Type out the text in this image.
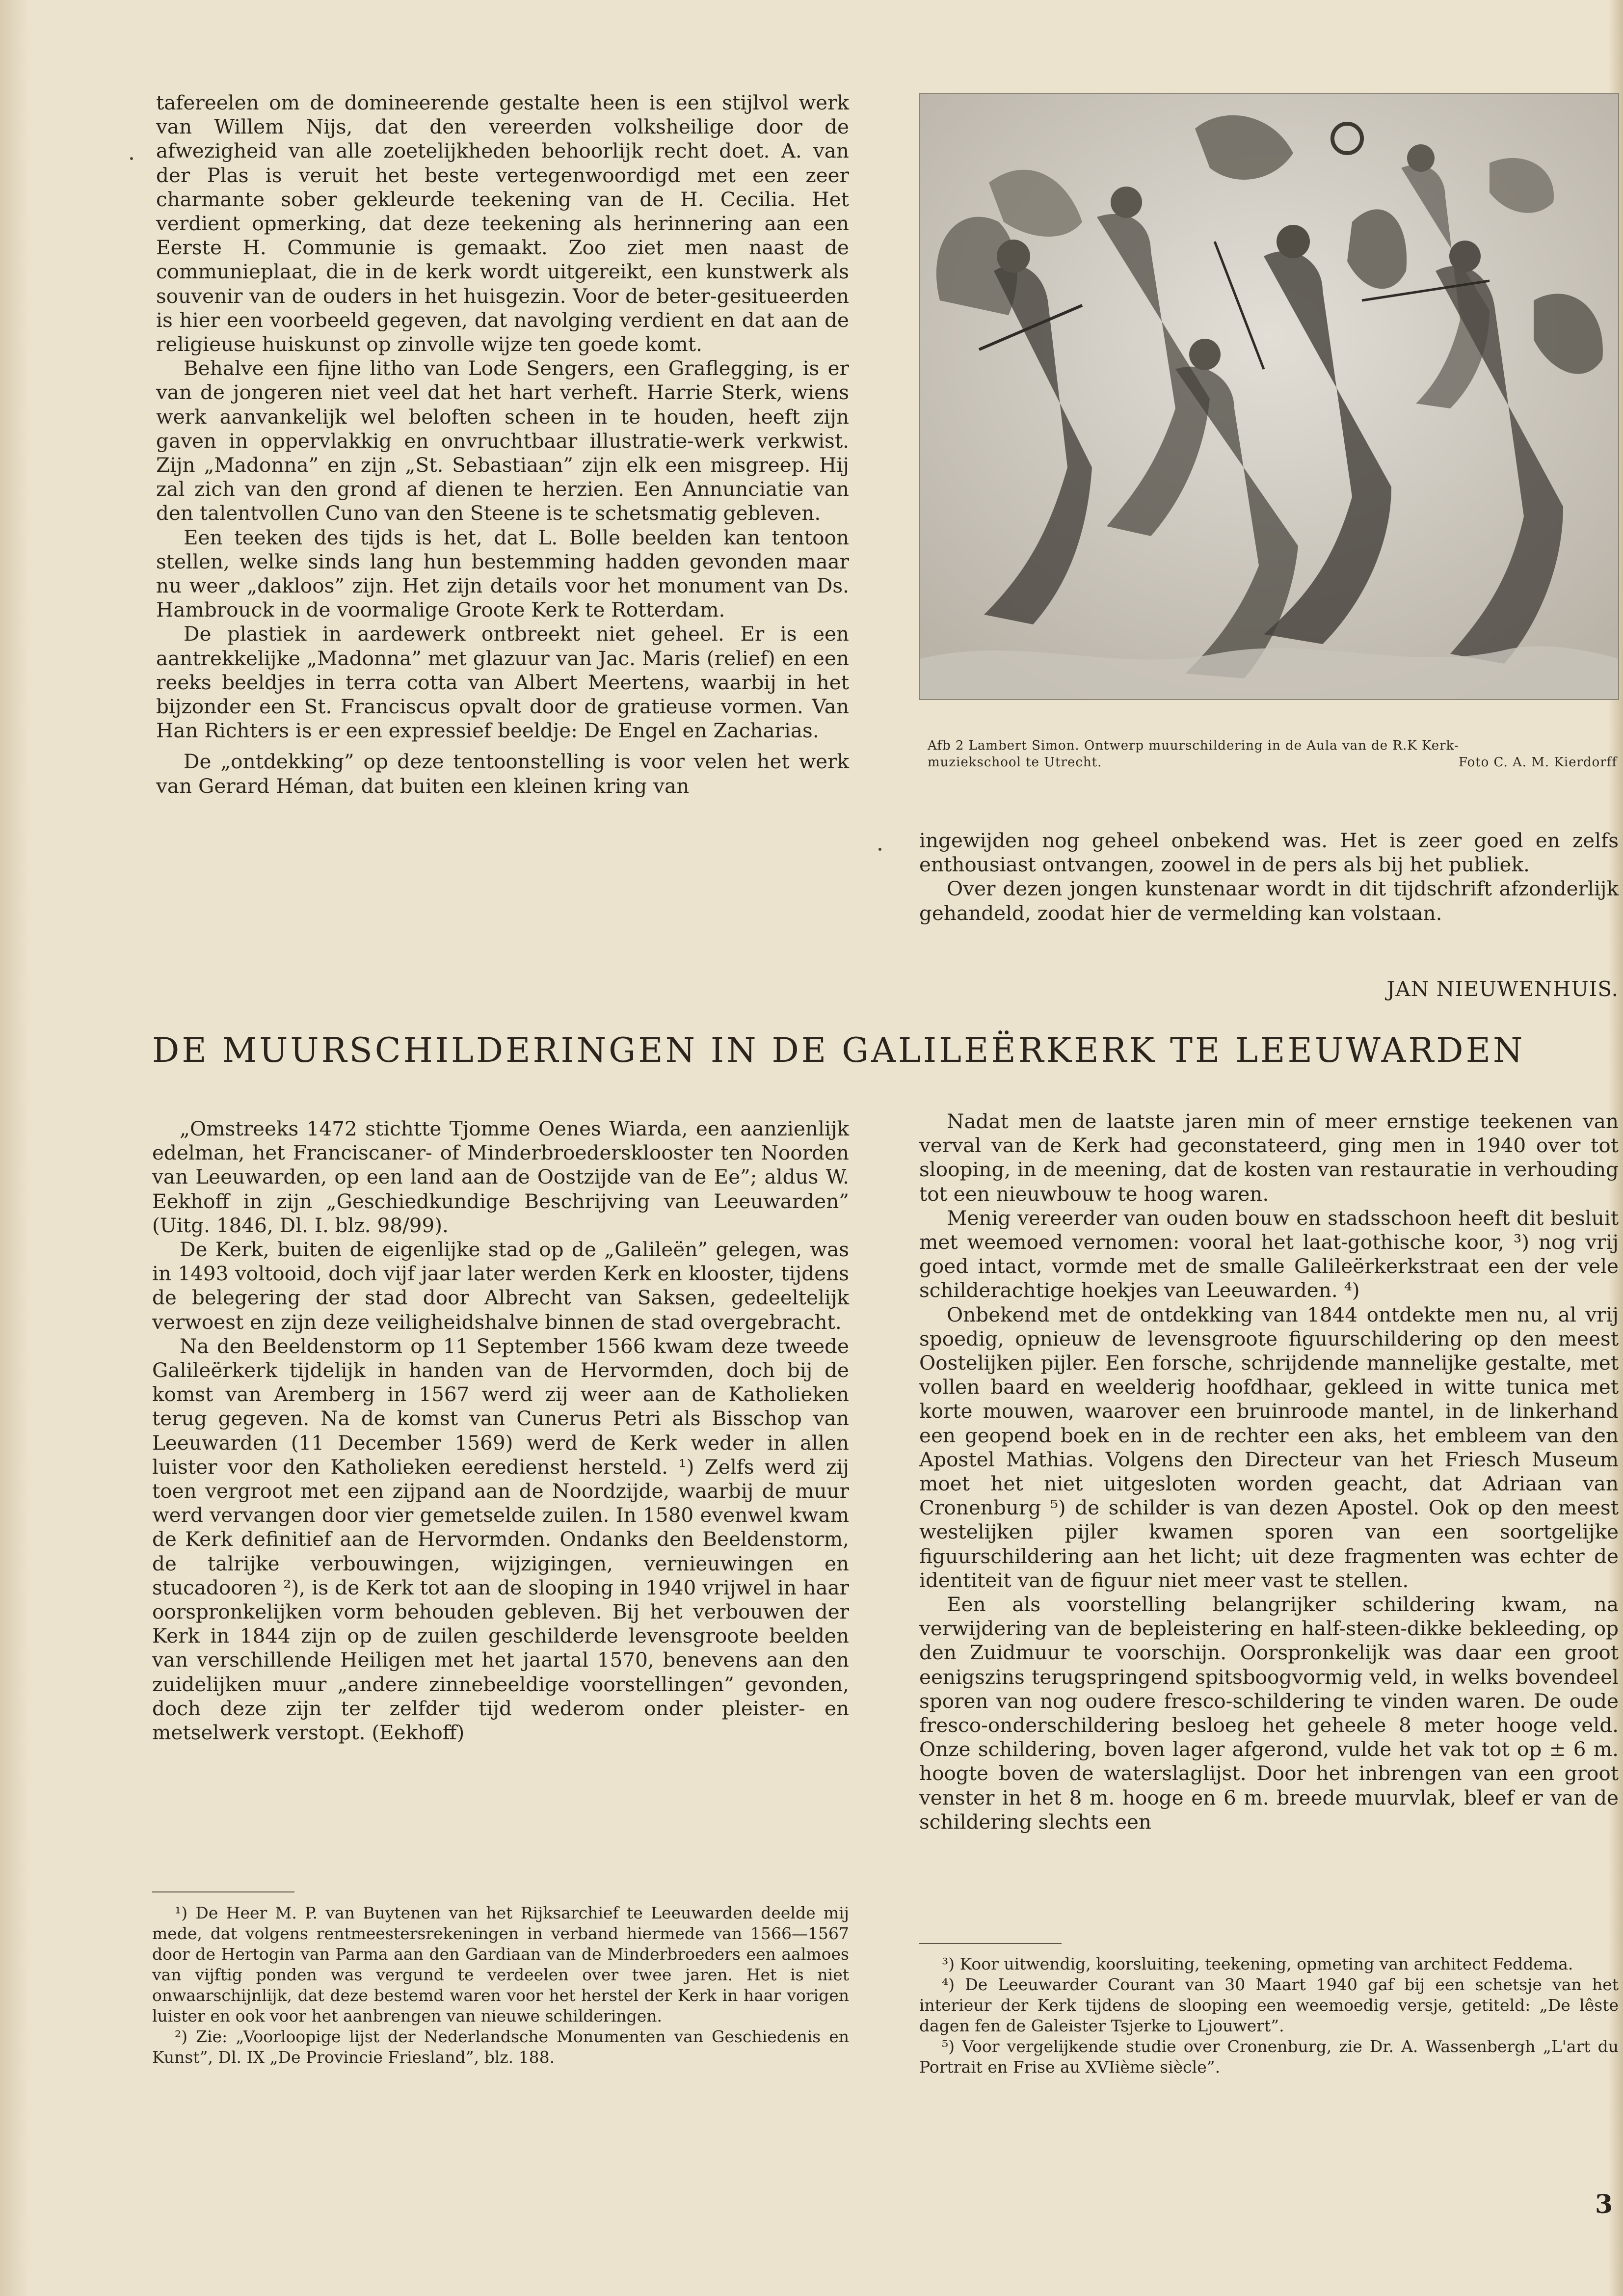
tafereelen om de domineerende gestalte heen is een stijlvol werk van Willem Nijs, dat den vereerden volksheilige door de afwezigheid van alle zoetelijkheden behoorlijk recht doet. A. van der Plas is veruit het beste vertegenwoordigd met een zeer charmante sober gekleurde teekening van de H. Cecilia. Het verdient opmerking, dat deze teekening als herinnering aan een Eerste H. Communie is gemaakt. Zoo ziet men naast de communieplaat, die in de kerk wordt uitgereikt, een kunstwerk als souvenir van de ouders in het huisgezin. Voor de beter-gesitueerden is hier een voorbeeld gegeven, dat navolging verdient en dat aan de religieuse huiskunst op zinvolle wijze ten goede komt.

Behalve een fijne litho van Lode Sengers, een Graflegging, is er van de jongeren niet veel dat het hart verheft. Harrie Sterk, wiens werk aanvankelijk wel beloften scheen in te houden, heeft zijn gaven in oppervlakkig en onvruchtbaar illustratie-werk verkwist. Zijn „Madonna” en zijn „St. Sebastiaan” zijn elk een misgreep. Hij zal zich van den grond af dienen te herzien. Een Annunciatie van den talentvollen Cuno van den Steene is te schetsmatig gebleven.

Een teeken des tijds is het, dat L. Bolle beelden kan tentoon stellen, welke sinds lang hun bestemming hadden gevonden maar nu weer „dakloos” zijn. Het zijn details voor het monument van Ds. Hambrouck in de voormalige Groote Kerk te Rotterdam.

De plastiek in aardewerk ontbreekt niet geheel. Er is een aantrekkelijke „Madonna” met glazuur van Jac. Maris (relief) en een reeks beeldjes in terra cotta van Albert Meertens, waarbij in het bijzonder een St. Franciscus opvalt door de gratieuse vormen. Van Han Richters is er een expressief beeldje: De Engel en Zacharias.

De „ontdekking” op deze tentoonstelling is voor velen het werk van Gerard Héman, dat buiten een kleinen kring van

Afb 2 Lambert Simon. Ontwerp muurschildering in de Aula van de R.K Kerk-
muziekschool te Utrecht.	Foto C. A. M. Kierdorff

ingewijden nog geheel onbekend was. Het is zeer goed en zelfs enthousiast ontvangen, zoowel in de pers als bij het publiek.

Over dezen jongen kunstenaar wordt in dit tijdschrift afzonderlijk gehandeld, zoodat hier de vermelding kan volstaan.

JAN NIEUWENHUIS.
DE MUURSCHILDERINGEN IN DE GALILEËRKERK TE LEEUWARDEN

„Omstreeks 1472 stichtte Tjomme Oenes Wiarda, een aanzienlijk edelman, het Franciscaner- of Minderbroedersklooster ten Noorden van Leeuwarden, op een land aan de Oostzijde van de Ee”; aldus W. Eekhoff in zijn „Geschiedkundige Beschrijving van Leeuwarden” (Uitg. 1846, Dl. I. blz. 98/99).

De Kerk, buiten de eigenlijke stad op de „Galileën” gelegen, was in 1493 voltooid, doch vijf jaar later werden Kerk en klooster, tijdens de belegering der stad door Albrecht van Saksen, gedeeltelijk verwoest en zijn deze veiligheidshalve binnen de stad overgebracht.

Na den Beeldenstorm op 11 September 1566 kwam deze tweede Galileërkerk tijdelijk in handen van de Hervormden, doch bij de komst van Aremberg in 1567 werd zij weer aan de Katholieken terug gegeven. Na de komst van Cunerus Petri als Bisschop van Leeuwarden (11 December 1569) werd de Kerk weder in allen luister voor den Katholieken eeredienst hersteld. ¹) Zelfs werd zij toen vergroot met een zijpand aan de Noordzijde, waarbij de muur werd vervangen door vier gemetselde zuilen. In 1580 evenwel kwam de Kerk definitief aan de Hervormden. Ondanks den Beeldenstorm, de talrijke verbouwingen, wijzigingen, vernieuwingen en stucadooren ²), is de Kerk tot aan de slooping in 1940 vrijwel in haar oorspronkelijken vorm behouden gebleven. Bij het verbouwen der Kerk in 1844 zijn op de zuilen geschilderde levensgroote beelden van verschillende Heiligen met het jaartal 1570, benevens aan den zuidelijken muur „andere zinnebeeldige voorstellingen” gevonden, doch deze zijn ter zelfder tijd wederom onder pleister- en metselwerk verstopt. (Eekhoff)

Nadat men de laatste jaren min of meer ernstige teekenen van verval van de Kerk had geconstateerd, ging men in 1940 over tot slooping, in de meening, dat de kosten van restauratie in verhouding tot een nieuwbouw te hoog waren.

Menig vereerder van ouden bouw en stadsschoon heeft dit besluit met weemoed vernomen: vooral het laat-gothische koor, ³) nog vrij goed intact, vormde met de smalle Galileërkerkstraat een der vele schilderachtige hoekjes van Leeuwarden. ⁴)

Onbekend met de ontdekking van 1844 ontdekte men nu, al vrij spoedig, opnieuw de levensgroote figuurschildering op den meest Oostelijken pijler. Een forsche, schrijdende mannelijke gestalte, met vollen baard en weelderig hoofdhaar, gekleed in witte tunica met korte mouwen, waarover een bruinroode mantel, in de linkerhand een geopend boek en in de rechter een aks, het embleem van den Apostel Mathias. Volgens den Directeur van het Friesch Museum moet het niet uitgesloten worden geacht, dat Adriaan van Cronenburg ⁵) de schilder is van dezen Apostel. Ook op den meest westelijken pijler kwamen sporen van een soortgelijke figuurschildering aan het licht; uit deze fragmenten was echter de identiteit van de figuur niet meer vast te stellen.

Een als voorstelling belangrijker schildering kwam, na verwijdering van de bepleistering en half-steen-dikke bekleeding, op den Zuidmuur te voorschijn. Oorspronkelijk was daar een groot eenigszins terugspringend spitsboogvormig veld, in welks bovendeel sporen van nog oudere fresco-schildering te vinden waren. De oude fresco-onderschildering besloeg het geheele 8 meter hooge veld. Onze schildering, boven lager afgerond, vulde het vak tot op ± 6 m. hoogte boven de waterslaglijst. Door het inbrengen van een groot venster in het 8 m. hooge en 6 m. breede muurvlak, bleef er van de schildering slechts een

¹) De Heer M. P. van Buytenen van het Rijksarchief te Leeuwarden deelde mij mede, dat volgens rentmeestersrekeningen in verband hiermede van 1566—1567 door de Hertogin van Parma aan den Gardiaan van de Minderbroeders een aalmoes van vijftig ponden was vergund te verdeelen over twee jaren. Het is niet onwaarschijnlijk, dat deze bestemd waren voor het herstel der Kerk in haar vorigen luister en ook voor het aanbrengen van nieuwe schilderingen.

²) Zie: „Voorloopige lijst der Nederlandsche Monumenten van Geschiedenis en Kunst”, Dl. IX „De Provincie Friesland”, blz. 188.

³) Koor uitwendig, koorsluiting, teekening, opmeting van architect Feddema.

⁴) De Leeuwarder Courant van 30 Maart 1940 gaf bij een schetsje van het interieur der Kerk tijdens de slooping een weemoedig versje, getiteld: „De lêste dagen fen de Galeister Tsjerke to Ljouwert”.

⁵) Voor vergelijkende studie over Cronenburg, zie Dr. A. Wassenbergh „L'art du Portrait en Frise au XVIième siècle”.

3
